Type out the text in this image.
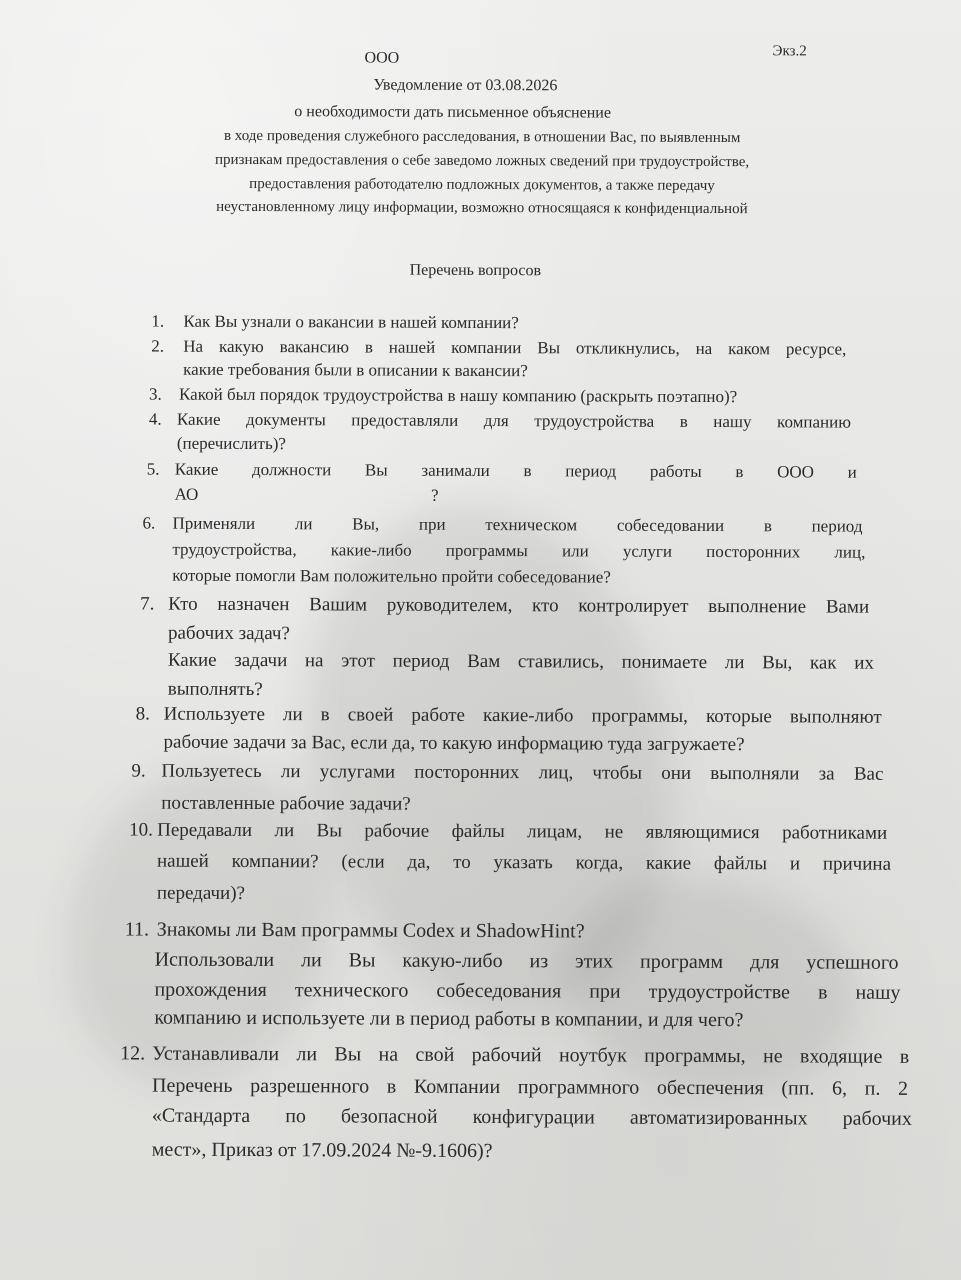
ООО	Экз.2
Уведомление от 03.08.2026
о необходимости дать письменное объяснение
в ходе проведения служебного расследования, в отношении Вас, по выявленным
признакам предоставления о себе заведомо ложных сведений при трудоустройстве,
предоставления работодателю подложных документов, а также передачу
неустановленному лицу информации, возможно относящаяся к конфиденциальной
Перечень вопросов
1. Как Вы узнали о вакансии в нашей компании?
2. На какую вакансию в нашей компании Вы откликнулись, на каком ресурсе,
какие требования были в описании к вакансии?
3. Какой был порядок трудоустройства в нашу компанию (раскрыть поэтапно)?
4. Какие документы предоставляли для трудоустройства в нашу компанию
(перечислить)?
5. Какие должности Вы занимали в период работы в ООО и
АО ?
6. Применяли ли Вы, при техническом собеседовании в период
трудоустройства, какие-либо программы или услуги посторонних лиц,
которые помогли Вам положительно пройти собеседование?
7. Кто назначен Вашим руководителем, кто контролирует выполнение Вами
рабочих задач?
Какие задачи на этот период Вам ставились, понимаете ли Вы, как их
выполнять?
8. Используете ли в своей работе какие-либо программы, которые выполняют
рабочие задачи за Вас, если да, то какую информацию туда загружаете?
9. Пользуетесь ли услугами посторонних лиц, чтобы они выполняли за Вас
поставленные рабочие задачи?
10. Передавали ли Вы рабочие файлы лицам, не являющимися работниками
нашей компании? (если да, то указать когда, какие файлы и причина
передачи)?
11. Знакомы ли Вам программы Codex и ShadowHint?
Использовали ли Вы какую-либо из этих программ для успешного
прохождения технического собеседования при трудоустройстве в нашу
компанию и используете ли в период работы в компании, и для чего?
12. Устанавливали ли Вы на свой рабочий ноутбук программы, не входящие в
Перечень разрешенного в Компании программного обеспечения (пп. 6, п. 2
«Стандарта по безопасной конфигурации автоматизированных рабочих
мест», Приказ от 17.09.2024 №-9.1606)?
